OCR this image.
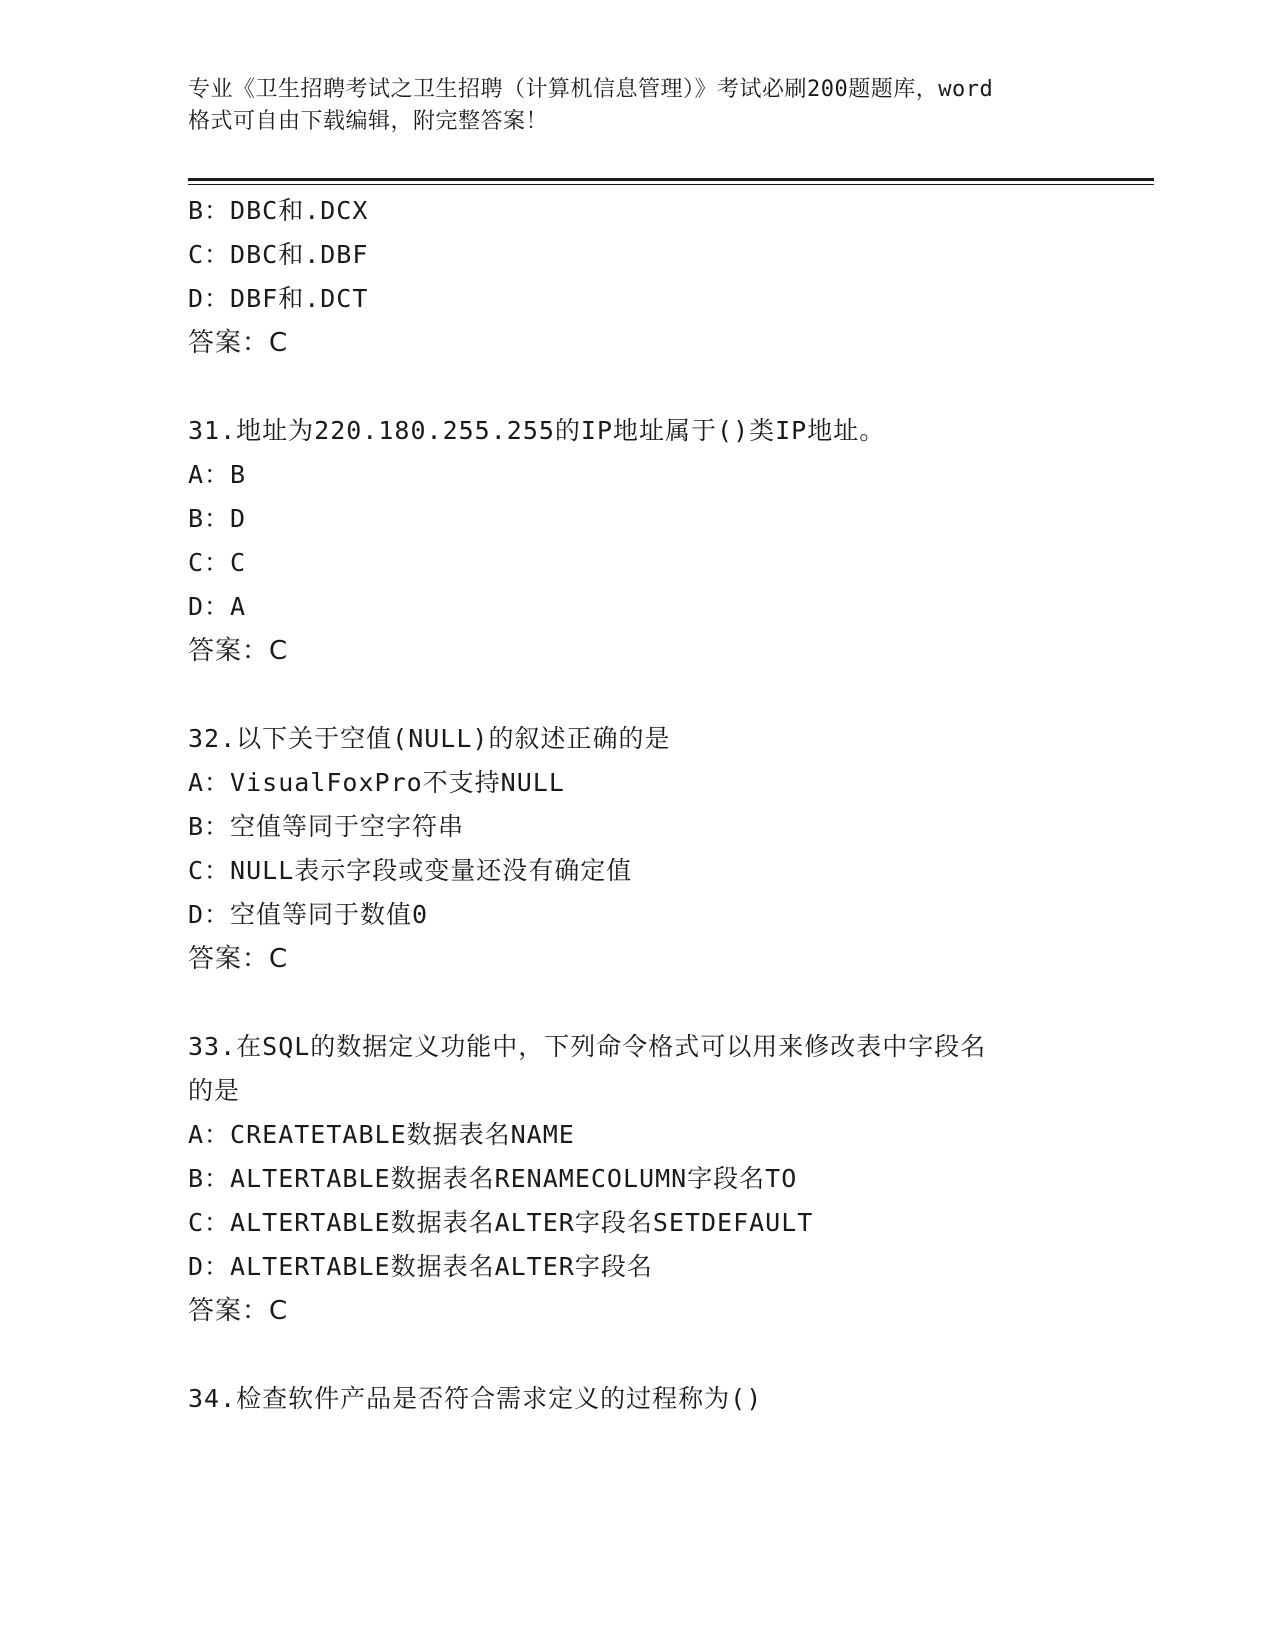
专业《卫生招聘考试之卫生招聘（计算机信息管理）》考试必刷200题题库，word
格式可自由下载编辑，附完整答案！
B：DBC和.DCX
C：DBC和.DBF
D：DBF和.DCT
答案：C
31.地址为220.180.255.255的IP地址属于()类IP地址。
A：B
B：D
C：C
D：A
答案：C
32.以下关于空值(NULL)的叙述正确的是
A：VisualFoxPro不支持NULL
B：空值等同于空字符串
C：NULL表示字段或变量还没有确定值
D：空值等同于数值0
答案：C
33.在SQL的数据定义功能中，下列命令格式可以用来修改表中字段名
的是
A：CREATETABLE数据表名NAME
B：ALTERTABLE数据表名RENAMECOLUMN字段名TO
C：ALTERTABLE数据表名ALTER字段名SETDEFAULT
D：ALTERTABLE数据表名ALTER字段名
答案：C
34.检查软件产品是否符合需求定义的过程称为()
